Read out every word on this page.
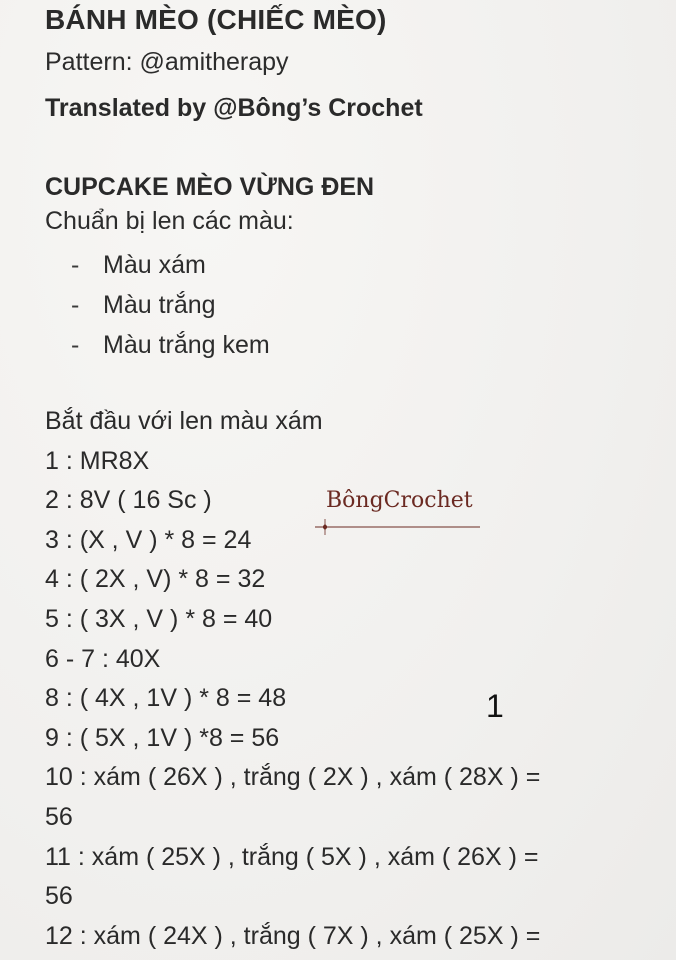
BÁNH MÈO (CHIẾC MÈO)
Pattern: @amitherapy
Translated by @Bông’s Crochet
CUPCAKE MÈO VỪNG ĐEN
Chuẩn bị len các màu:
- Màu xám
- Màu trắng
- Màu trắng kem
Bắt đầu với len màu xám
1 : MR8X
2 : 8V ( 16 Sc )
3 : (X , V ) * 8 = 24
4 : ( 2X , V) * 8 = 32
5 : ( 3X , V ) * 8 = 40
6 - 7 : 40X
8 : ( 4X , 1V ) * 8 = 48
9 : ( 5X , 1V ) *8 = 56
10 : xám ( 26X ) , trắng ( 2X ) , xám ( 28X ) =
56
11 : xám ( 25X ) , trắng ( 5X ) , xám ( 26X ) =
56
12 : xám ( 24X ) , trắng ( 7X ) , xám ( 25X ) =
BôngCrochet
1
